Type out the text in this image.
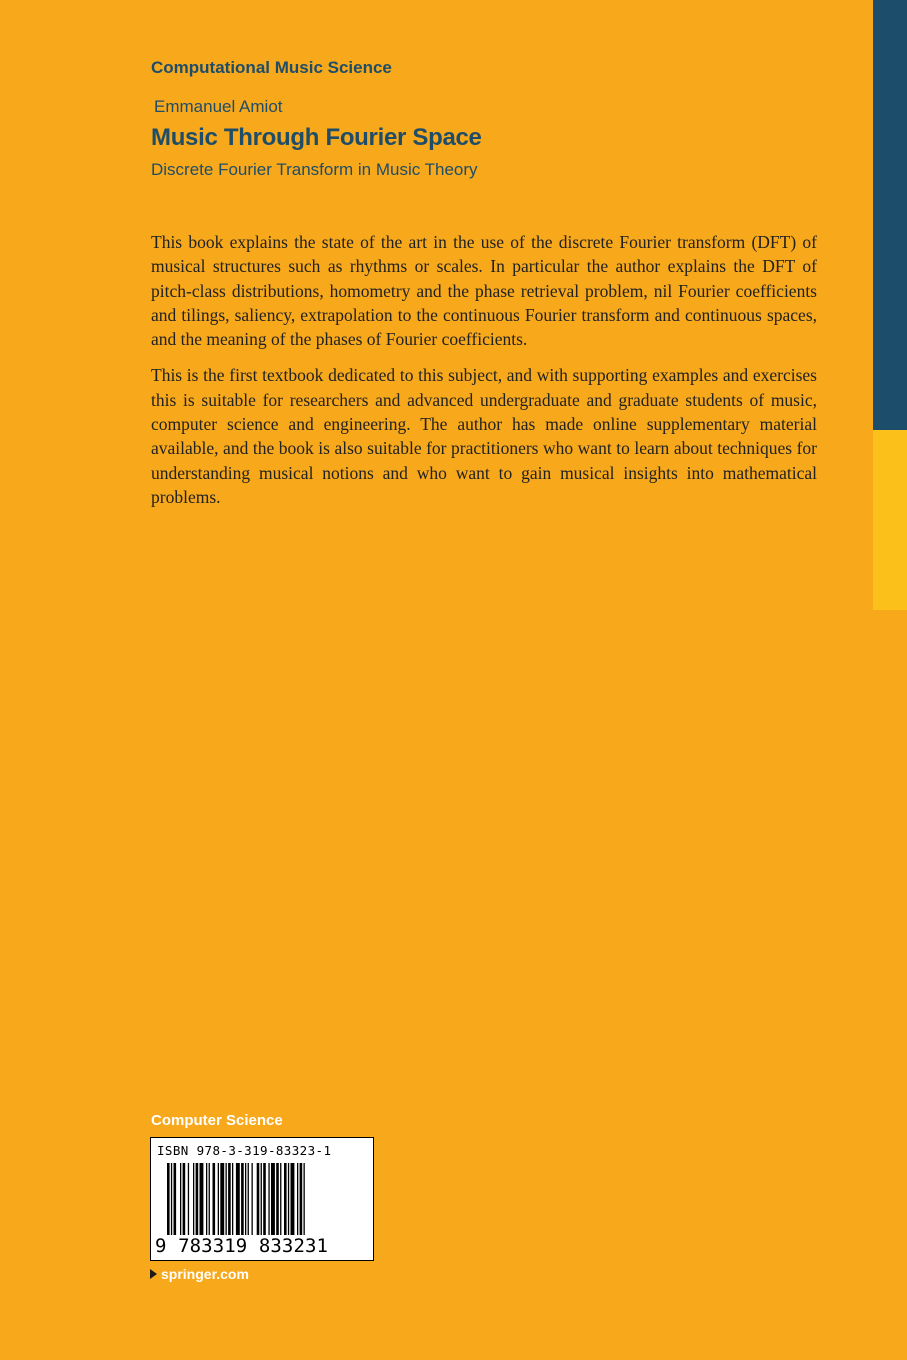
Computational Music Science
Emmanuel Amiot
Music Through Fourier Space
Discrete Fourier Transform in Music Theory

This book explains the state of the art in the use of the discrete Fourier transform (DFT) of musical structures such as rhythms or scales. In particular the author explains the DFT of pitch-class distributions, homometry and the phase retrieval problem, nil Fourier coefficients and tilings, saliency, extrapolation to the continuous Fourier transform and continuous spaces, and the meaning of the phases of Fourier coefficients.

This is the first textbook dedicated to this subject, and with supporting examples and exercises this is suitable for researchers and advanced undergraduate and graduate students of music, computer science and engineering. The author has made online supplementary material available, and the book is also suitable for practitioners who want to learn about techniques for understanding musical notions and who want to gain musical insights into mathematical problems.

Computer Science
ISBN 978-3-319-83323-1
9 783319 833231
springer.com
